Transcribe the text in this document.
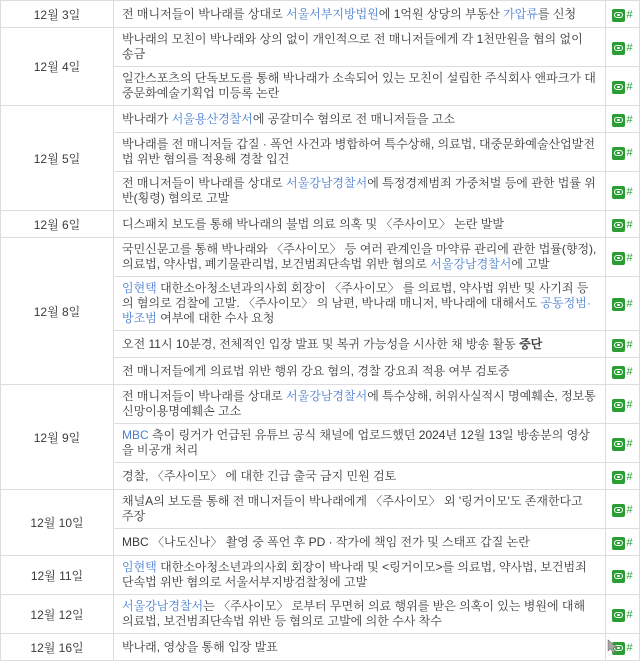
12월 3일	전 매니저들이 박나래를 상대로 서울서부지방법원에 1억원 상당의 부동산 가압류를 신청	#

12월 4일	박나래의 모친이 박나래와 상의 없이 개인적으로 전 매니저들에게 각 1천만원을 협의 없이 송금	#

	일간스포츠의 단독보도를 통해 박나래가 소속되어 있는 모친이 설립한 주식회사 앤파크가 대중문화예술기획업 미등록 논란	#

12월 5일	박나래가 서울용산경찰서에 공갈미수 혐의로 전 매니저들을 고소	#

	박나래를 전 매니저들 갑질 · 폭언 사건과 병합하여 특수상해, 의료법, 대중문화예술산업발전법 위반 혐의를 적용해 경찰 입건	#

	전 매니저들이 박나래를 상대로 서울강남경찰서에 특정경제범죄 가중처벌 등에 관한 법률 위반(횡령) 혐의로 고발	#

12월 6일	디스패치 보도를 통해 박나래의 불법 의료 의혹 및 〈주사이모〉 논란 발발	#

12월 8일	국민신문고를 통해 박나래와 〈주사이모〉 등 여러 관계인을 마약류 관리에 관한 법률(향정), 의료법, 약사법, 폐기물관리법, 보건범죄단속법 위반 혐의로 서울강남경찰서에 고발	#

	임현택 대한소아청소년과의사회 회장이 〈주사이모〉 를 의료법, 약사법 위반 및 사기죄 등의 혐의로 검찰에 고발. 〈주사이모〉 의 남편, 박나래 매니저, 박나래에 대해서도 공동정범·방조범 여부에 대한 수사 요청	#

	오전 11시 10분경, 전체적인 입장 발표 및 복귀 가능성을 시사한 채 방송 활동 중단	#

	전 매니저들에게 의료법 위반 행위 강요 혐의, 경찰 강요죄 적용 여부 검토중	#

12월 9일	전 매니저들이 박나래를 상대로 서울강남경찰서에 특수상해, 허위사실적시 명예훼손, 정보통신망이용명예훼손 고소	#

	MBC 측이 링거가 언급된 유튜브 공식 채널에 업로드했던 2024년 12월 13일 방송분의 영상을 비공개 처리	#

	경찰, 〈주사이모〉 에 대한 긴급 출국 금지 민원 검토	#

12월 10일	채널A의 보도를 통해 전 매니저들이 박나래에게 〈주사이모〉 외 '링거이모'도 존재한다고 주장	#

	MBC 〈나도신나〉 촬영 중 폭언 후 PD · 작가에 책임 전가 및 스태프 갑질 논란	#

12월 11일	임현택 대한소아청소년과의사회 회장이 박나래 및 <링거이모>를 의료법, 약사법, 보건범죄단속법 위반 혐의로 서울서부지방검찰청에 고발	#

12월 12일	서울강남경찰서는 〈주사이모〉 로부터 무면허 의료 행위를 받은 의혹이 있는 병원에 대해 의료법, 보건범죄단속법 위반 등 혐의로 고발에 의한 수사 착수	#

12월 16일	박나래, 영상을 통해 입장 발표	#
